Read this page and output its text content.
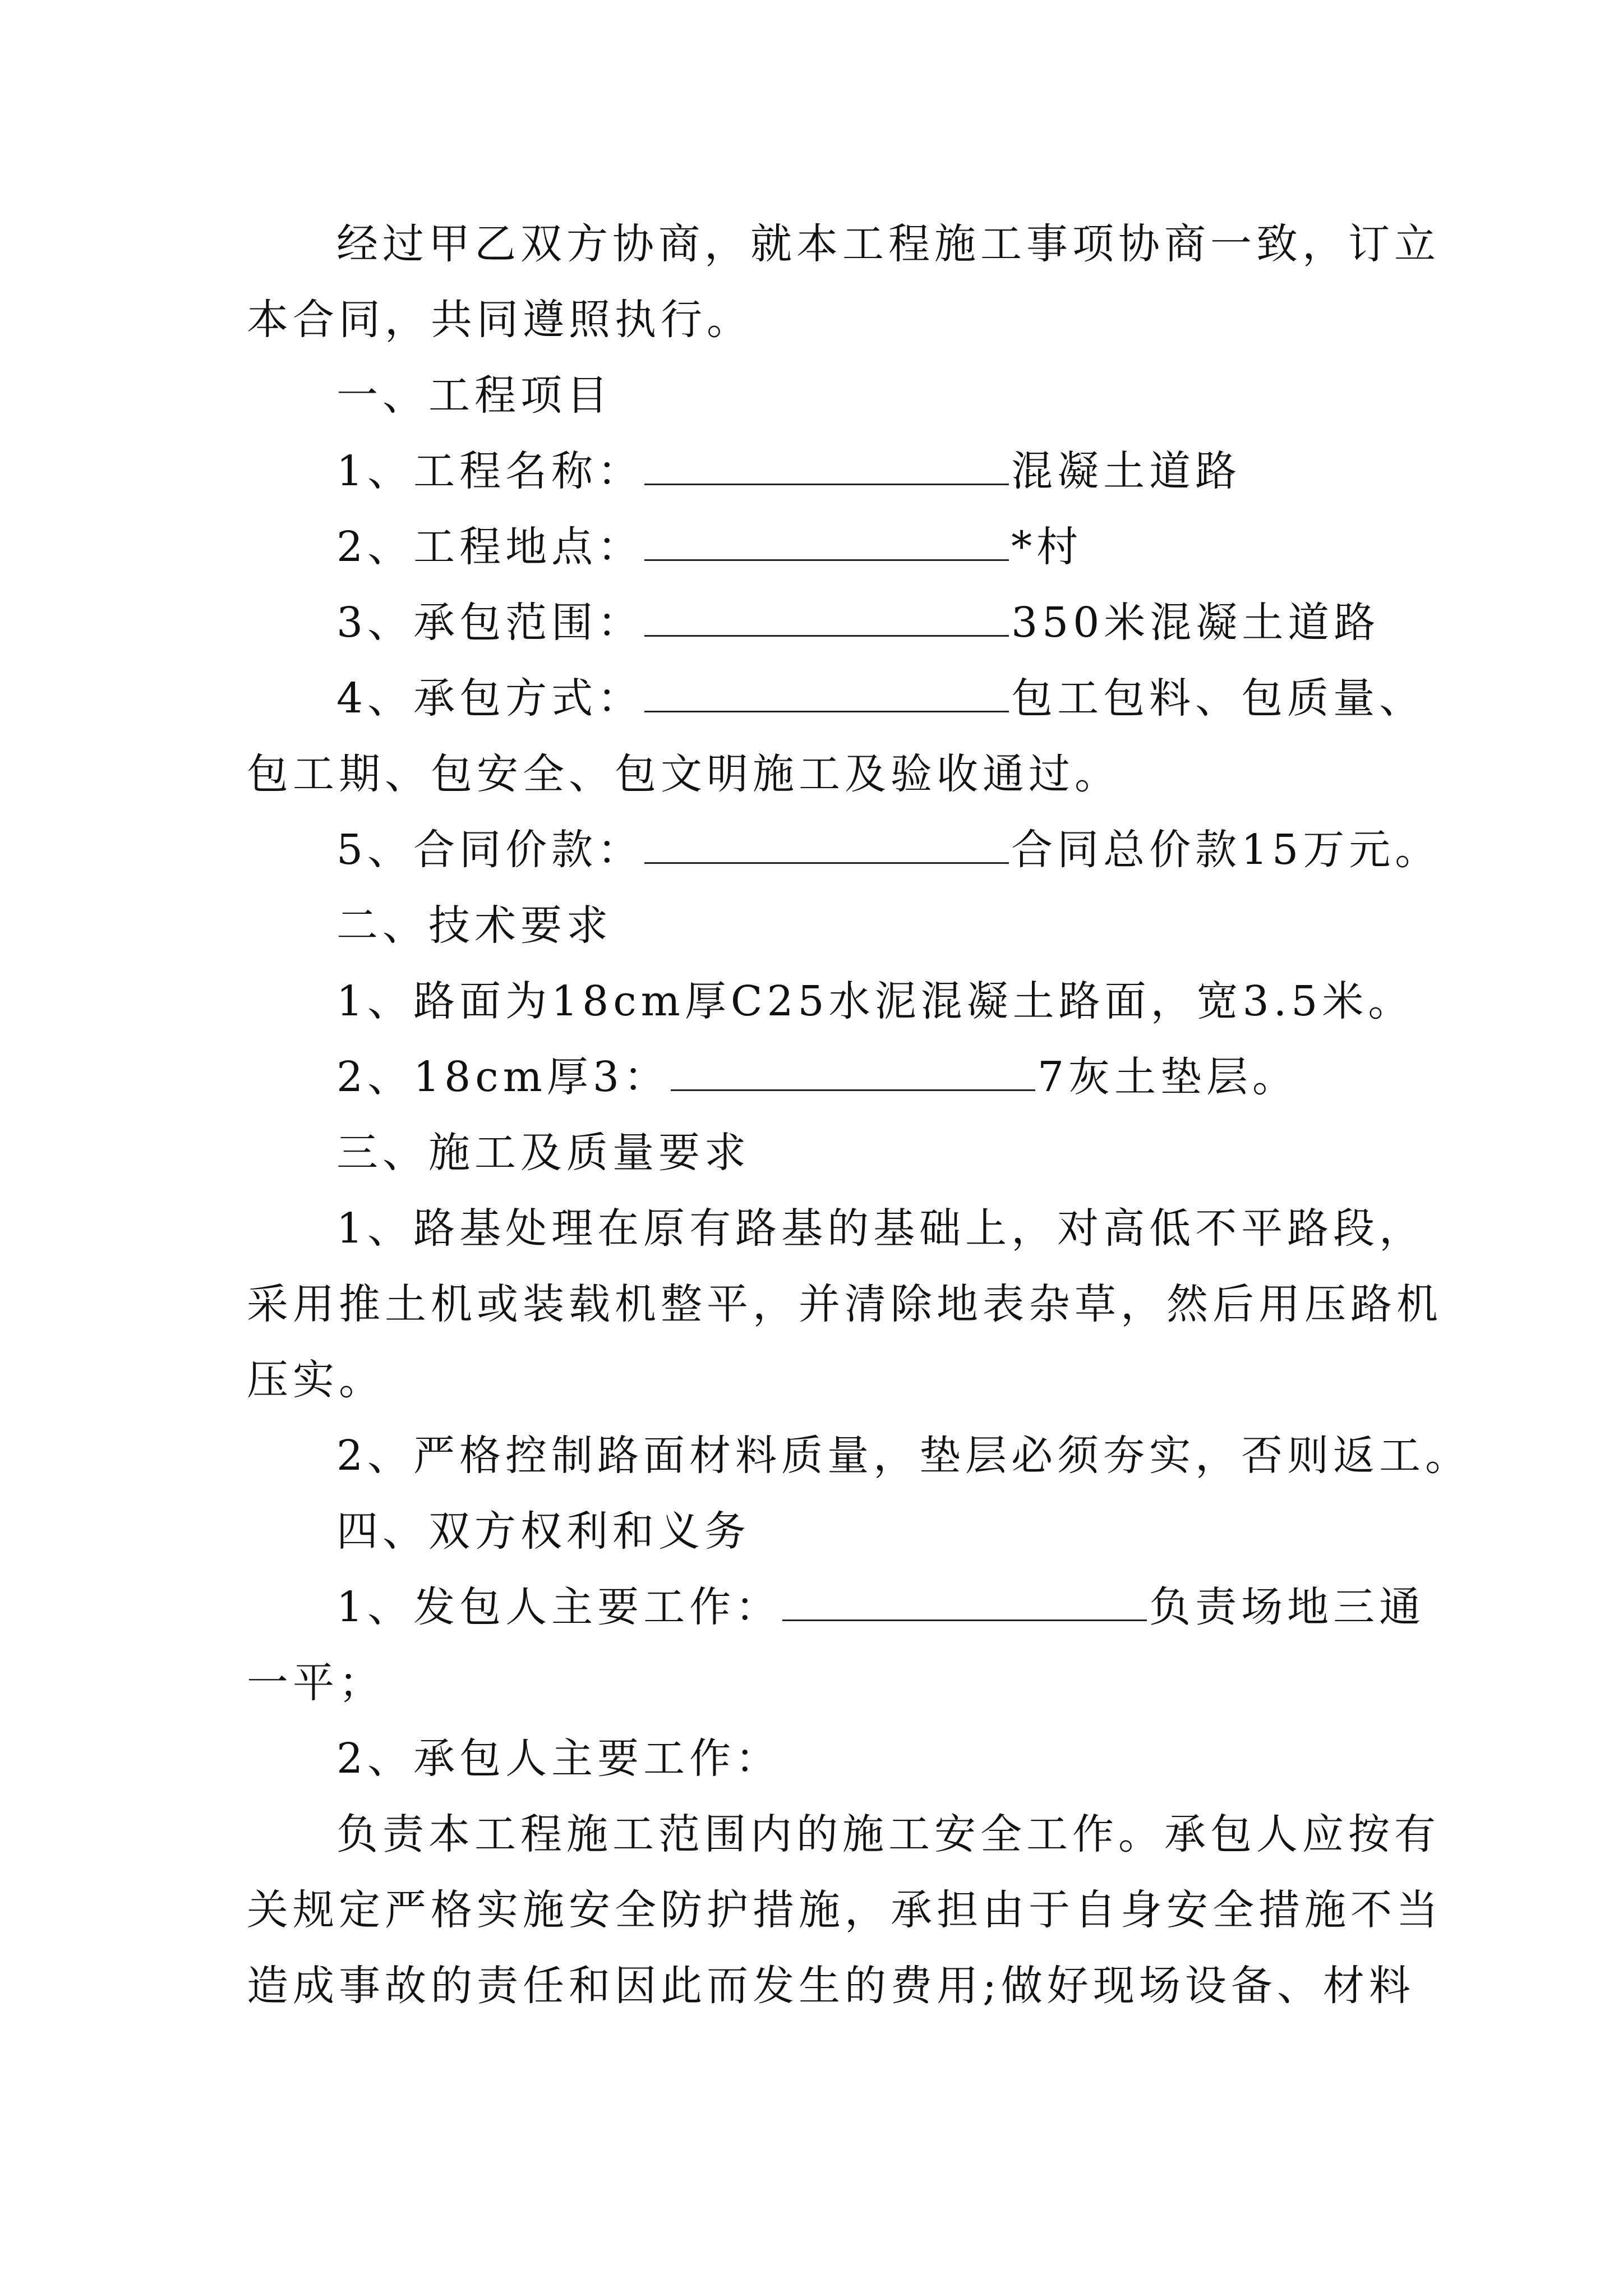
经过甲乙双方协商，就本工程施工事项协商一致，订立
本合同，共同遵照执行。
一、工程项目
1、工程名称：	混凝土道路
2、工程地点：	*村
3、承包范围：	350米混凝土道路
4、承包方式：	包工包料、包质量、
包工期、包安全、包文明施工及验收通过。
5、合同价款：	合同总价款15万元。
二、技术要求
1、路面为18cm厚C25水泥混凝土路面，宽3.5米。
2、18cm厚3：	7灰土垫层。
三、施工及质量要求
1、路基处理在原有路基的基础上，对高低不平路段，
采用推土机或装载机整平，并清除地表杂草，然后用压路机
压实。
2、严格控制路面材料质量，垫层必须夯实，否则返工。
四、双方权利和义务
1、发包人主要工作：	负责场地三通
一平；
2、承包人主要工作：
负责本工程施工范围内的施工安全工作。承包人应按有
关规定严格实施安全防护措施，承担由于自身安全措施不当
造成事故的责任和因此而发生的费用;做好现场设备、材料
